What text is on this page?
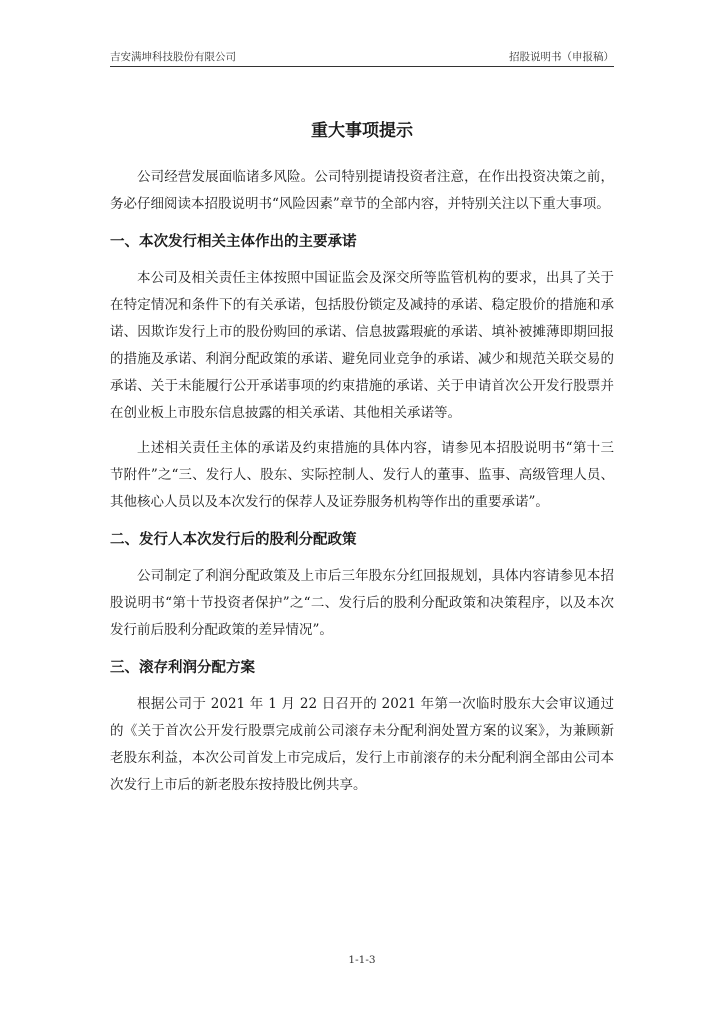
吉安满坤科技股份有限公司	招股说明书（申报稿）
重大事项提示

公司经营发展面临诸多风险。公司特别提请投资者注意，在作出投资决策之前，务必仔细阅读本招股说明书“风险因素”章节的全部内容，并特别关注以下重大事项。

一、本次发行相关主体作出的主要承诺

本公司及相关责任主体按照中国证监会及深交所等监管机构的要求，出具了关于在特定情况和条件下的有关承诺，包括股份锁定及减持的承诺、稳定股价的措施和承诺、因欺诈发行上市的股份购回的承诺、信息披露瑕疵的承诺、填补被摊薄即期回报的措施及承诺、利润分配政策的承诺、避免同业竞争的承诺、减少和规范关联交易的承诺、关于未能履行公开承诺事项的约束措施的承诺、关于申请首次公开发行股票并在创业板上市股东信息披露的相关承诺、其他相关承诺等。

上述相关责任主体的承诺及约束措施的具体内容，请参见本招股说明书“第十三节附件”之“三、发行人、股东、实际控制人、发行人的董事、监事、高级管理人员、其他核心人员以及本次发行的保荐人及证券服务机构等作出的重要承诺”。

二、发行人本次发行后的股利分配政策

公司制定了利润分配政策及上市后三年股东分红回报规划，具体内容请参见本招股说明书“第十节投资者保护”之“二、发行后的股利分配政策和决策程序，以及本次发行前后股利分配政策的差异情况”。

三、滚存利润分配方案

根据公司于 2021 年 1 月 22 日召开的 2021 年第一次临时股东大会审议通过的《关于首次公开发行股票完成前公司滚存未分配利润处置方案的议案》，为兼顾新老股东利益，本次公司首发上市完成后，发行上市前滚存的未分配利润全部由公司本次发行上市后的新老股东按持股比例共享。

1-1-3
